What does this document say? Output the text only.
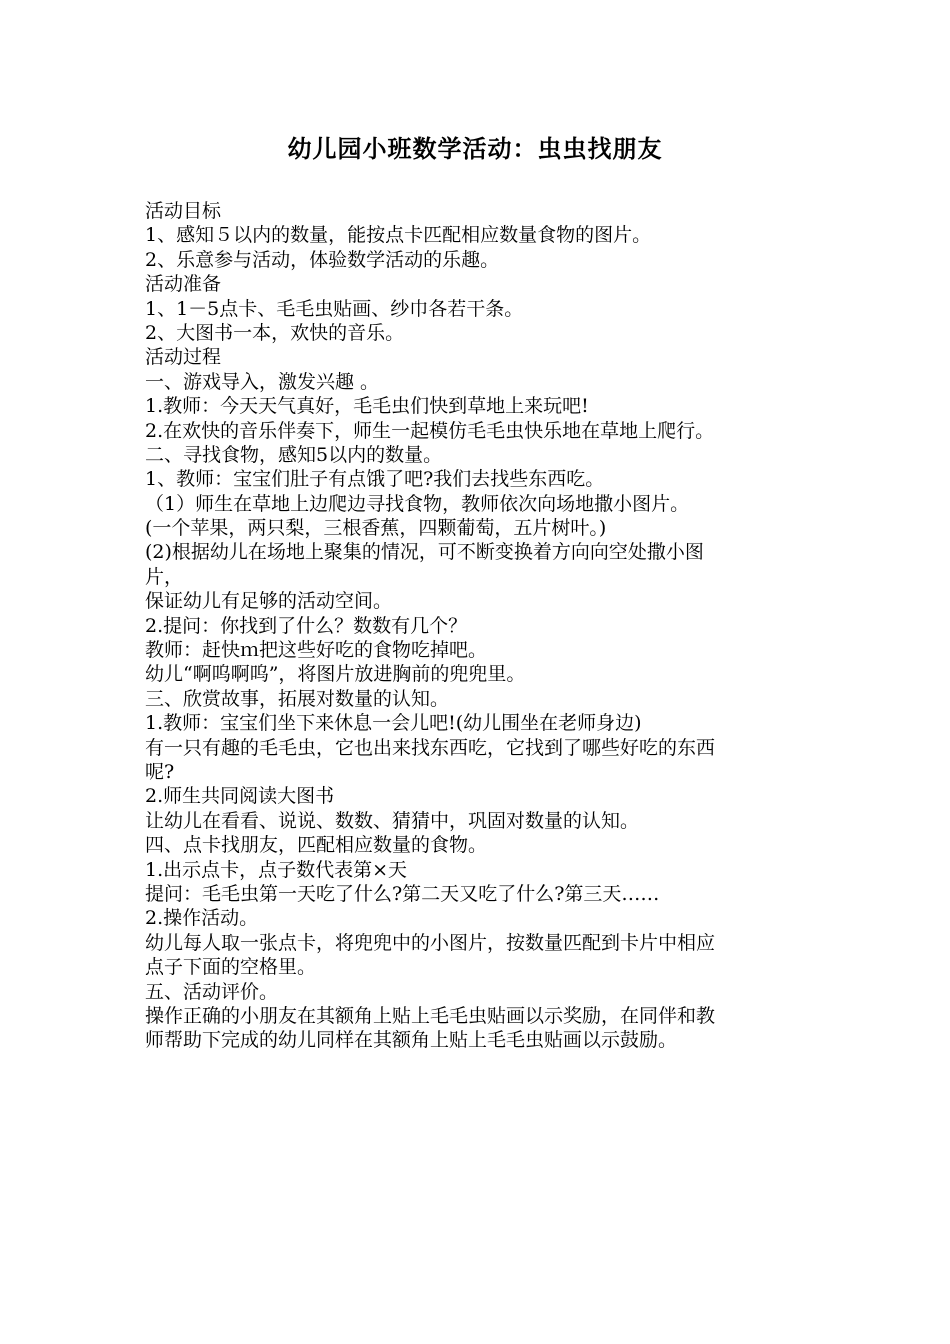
幼儿园小班数学活动：虫虫找朋友
活动目标
1、感知５以内的数量，能按点卡匹配相应数量食物的图片。
2、乐意参与活动，体验数学活动的乐趣。
活动准备
1、1－5点卡、毛毛虫贴画、纱巾各若干条。
2、大图书一本，欢快的音乐。
活动过程
一、游戏导入，激发兴趣 。
1.教师：今天天气真好，毛毛虫们快到草地上来玩吧!
2.在欢快的音乐伴奏下，师生一起模仿毛毛虫快乐地在草地上爬行。
二、寻找食物，感知5以内的数量。
1、教师：宝宝们肚子有点饿了吧?我们去找些东西吃。
（1）师生在草地上边爬边寻找食物，教师依次向场地撒小图片。
(一个苹果，两只梨，三根香蕉，四颗葡萄，五片树叶。)
(2)根据幼儿在场地上聚集的情况，可不断变换着方向向空处撒小图
片，
保证幼儿有足够的活动空间。
2.提问：你找到了什么？数数有几个？
教师：赶快ｍ把这些好吃的食物吃掉吧。
幼儿“啊呜啊呜”，将图片放进胸前的兜兜里。
三、欣赏故事，拓展对数量的认知。
1.教师：宝宝们坐下来休息一会儿吧!(幼儿围坐在老师身边)
有一只有趣的毛毛虫，它也出来找东西吃，它找到了哪些好吃的东西
呢?
2.师生共同阅读大图书
让幼儿在看看、说说、数数、猜猜中，巩固对数量的认知。
四、点卡找朋友，匹配相应数量的食物。
1.出示点卡，点子数代表第×天
提问：毛毛虫第一天吃了什么?第二天又吃了什么?第三天……
2.操作活动。
幼儿每人取一张点卡，将兜兜中的小图片，按数量匹配到卡片中相应
点子下面的空格里。
五、活动评价。
操作正确的小朋友在其额角上贴上毛毛虫贴画以示奖励，在同伴和教
师帮助下完成的幼儿同样在其额角上贴上毛毛虫贴画以示鼓励。
